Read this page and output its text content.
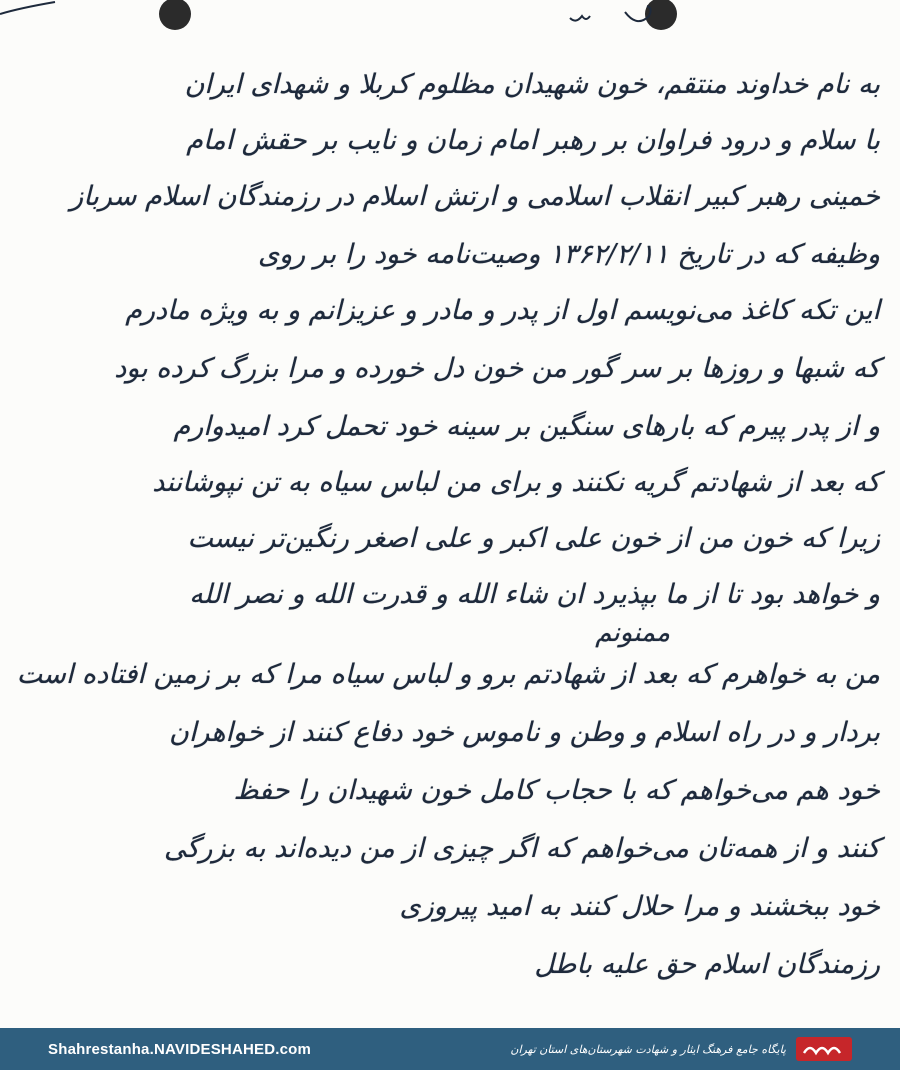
به نام خداوند منتقم، خون شهیدان مظلوم کربلا و شهدای ایران
با سلام و درود فراوان بر رهبر امام زمان و نایب بر حقش امام
خمینی رهبر کبیر انقلاب اسلامی و ارتش اسلام در رزمندگان اسلام سرباز
وظیفه که در تاریخ ۱۳۶۲/۲/۱۱ وصیت‌نامه خود را بر روی
این تکه کاغذ می‌نویسم اول از پدر و مادر و عزیزانم و به ویژه مادرم
که شبها و روزها بر سر گور من خون دل خورده و مرا بزرگ کرده بود
و از پدر پیرم که بارهای سنگین بر سینه خود تحمل کرد امیدوارم
که بعد از شهادتم گریه نکنند و برای من لباس سیاه به تن نپوشانند
زیرا که خون من از خون علی اکبر و علی اصغر رنگین‌تر نیست
و خواهد بود تا از ما بپذیرد ان شاء الله و قدرت الله و نصر الله
ممنونم
من به خواهرم که بعد از شهادتم برو و لباس سیاه مرا که بر زمین افتاده است
بردار و در راه اسلام و وطن و ناموس خود دفاع کنند از خواهران
خود هم می‌خواهم که با حجاب کامل خون شهیدان را حفظ
کنند و از همه‌تان می‌خواهم که اگر چیزی از من دیده‌اند به بزرگی
خود ببخشند و مرا حلال کنند به امید پیروزی
رزمندگان اسلام حق علیه باطل
Shahrestanha.NAVIDESHAHED.com	پایگاه جامع فرهنگ ایثار و شهادت شهرستان‌های استان تهران
